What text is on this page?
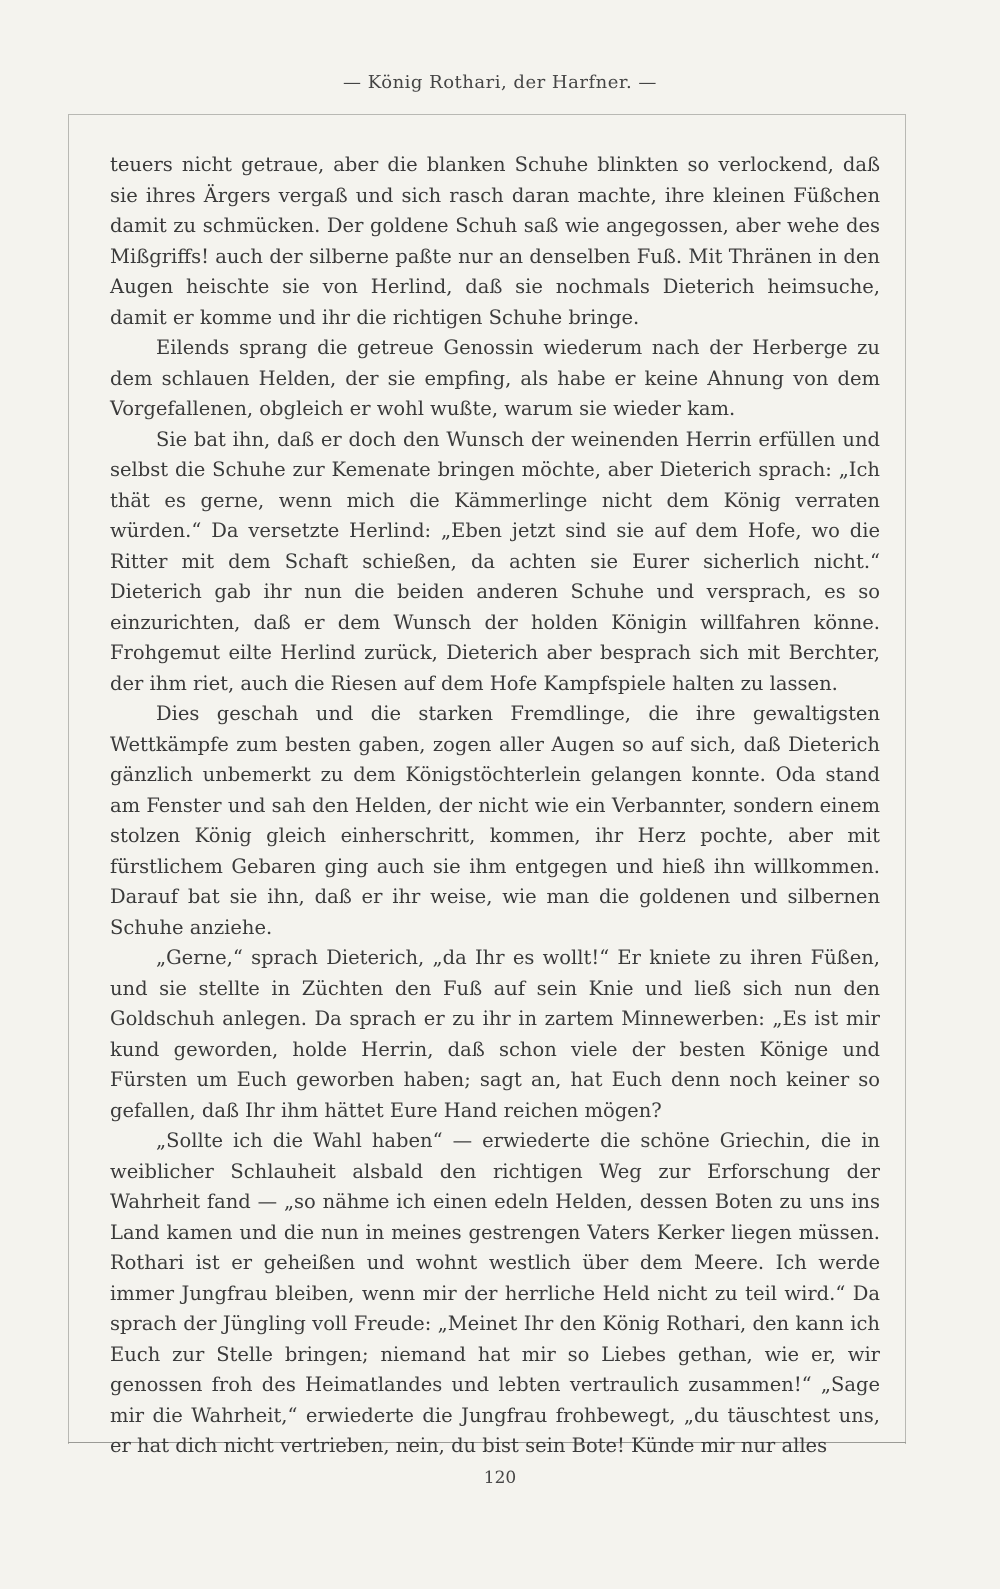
— König Rothari, der Harfner. —

teuers nicht getraue, aber die blanken Schuhe blinkten so verlockend, daß sie ihres Ärgers vergaß und sich rasch daran machte, ihre kleinen Füßchen damit zu schmücken. Der goldene Schuh saß wie angegossen, aber wehe des Mißgriffs! auch der silberne paßte nur an denselben Fuß. Mit Thränen in den Augen heischte sie von Herlind, daß sie nochmals Dieterich heimsuche, damit er komme und ihr die richtigen Schuhe bringe.

Eilends sprang die getreue Genossin wiederum nach der Herberge zu dem schlauen Helden, der sie empfing, als habe er keine Ahnung von dem Vorgefallenen, obgleich er wohl wußte, warum sie wieder kam.

Sie bat ihn, daß er doch den Wunsch der weinenden Herrin erfüllen und selbst die Schuhe zur Kemenate bringen möchte, aber Dieterich sprach: „Ich thät es gerne, wenn mich die Kämmerlinge nicht dem König verraten würden.“ Da versetzte Herlind: „Eben jetzt sind sie auf dem Hofe, wo die Ritter mit dem Schaft schießen, da achten sie Eurer sicherlich nicht.“ Dieterich gab ihr nun die beiden anderen Schuhe und versprach, es so einzurichten, daß er dem Wunsch der holden Königin willfahren könne. Frohgemut eilte Herlind zurück, Dieterich aber besprach sich mit Berchter, der ihm riet, auch die Riesen auf dem Hofe Kampfspiele halten zu lassen.

Dies geschah und die starken Fremdlinge, die ihre gewaltigsten Wettkämpfe zum besten gaben, zogen aller Augen so auf sich, daß Dieterich gänzlich unbemerkt zu dem Königstöchterlein gelangen konnte. Oda stand am Fenster und sah den Helden, der nicht wie ein Verbannter, sondern einem stolzen König gleich einherschritt, kommen, ihr Herz pochte, aber mit fürstlichem Gebaren ging auch sie ihm entgegen und hieß ihn willkommen. Darauf bat sie ihn, daß er ihr weise, wie man die goldenen und silbernen Schuhe anziehe.

„Gerne,“ sprach Dieterich, „da Ihr es wollt!“ Er kniete zu ihren Füßen, und sie stellte in Züchten den Fuß auf sein Knie und ließ sich nun den Goldschuh anlegen. Da sprach er zu ihr in zartem Minnewerben: „Es ist mir kund geworden, holde Herrin, daß schon viele der besten Könige und Fürsten um Euch geworben haben; sagt an, hat Euch denn noch keiner so gefallen, daß Ihr ihm hättet Eure Hand reichen mögen?

„Sollte ich die Wahl haben“ — erwiederte die schöne Griechin, die in weiblicher Schlauheit alsbald den richtigen Weg zur Erforschung der Wahrheit fand — „so nähme ich einen edeln Helden, dessen Boten zu uns ins Land kamen und die nun in meines gestrengen Vaters Kerker liegen müssen. Rothari ist er geheißen und wohnt westlich über dem Meere. Ich werde immer Jungfrau bleiben, wenn mir der herrliche Held nicht zu teil wird.“ Da sprach der Jüngling voll Freude: „Meinet Ihr den König Rothari, den kann ich Euch zur Stelle bringen; niemand hat mir so Liebes gethan, wie er, wir genossen froh des Heimatlandes und lebten vertraulich zusammen!“ „Sage mir die Wahrheit,“ erwiederte die Jungfrau frohbewegt, „du täuschtest uns, er hat dich nicht vertrieben, nein, du bist sein Bote! Künde mir nur alles

120
